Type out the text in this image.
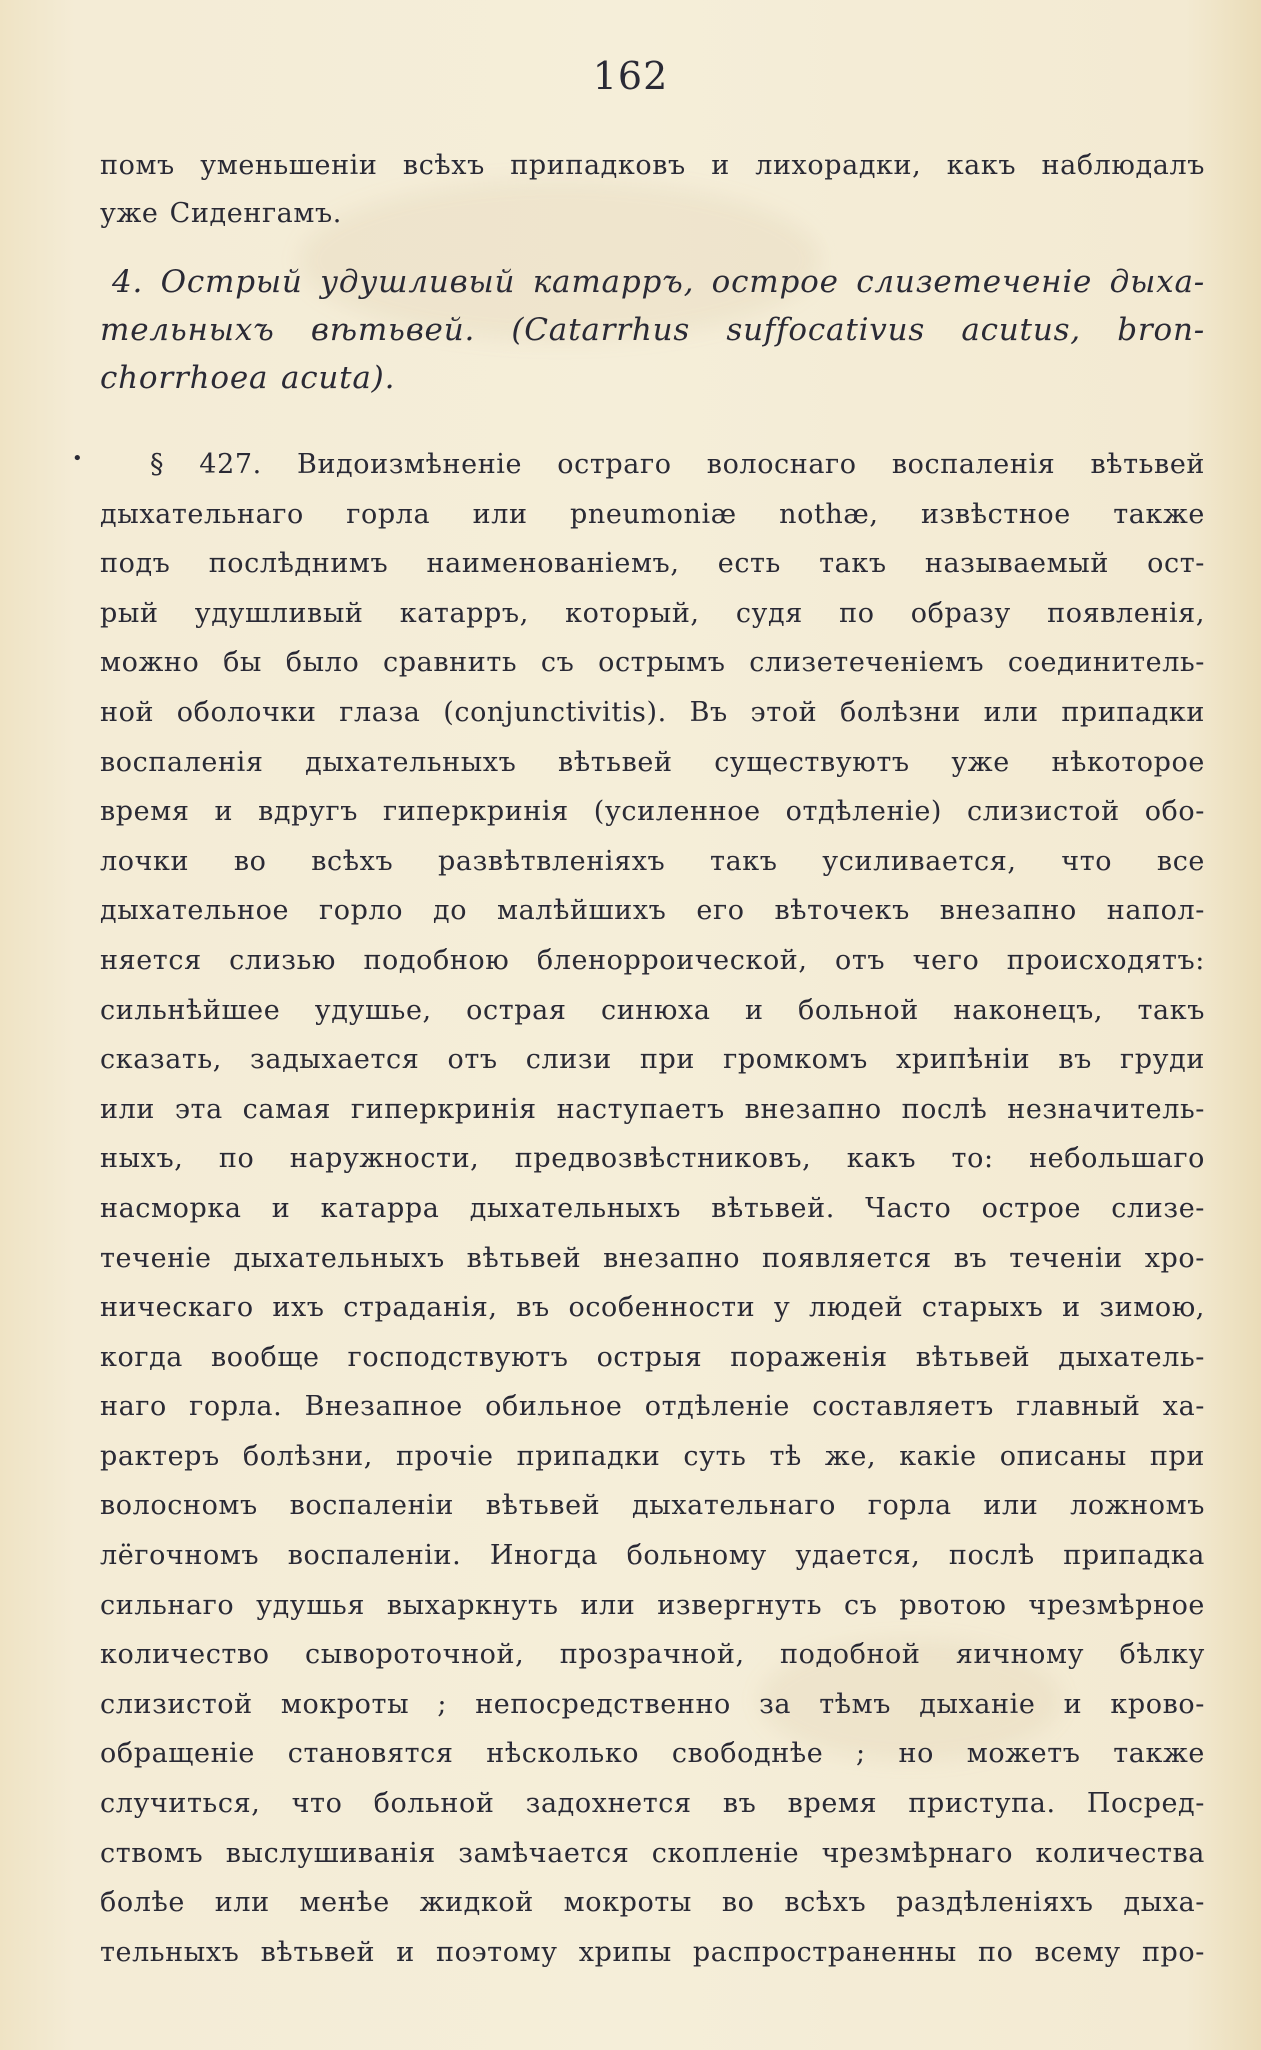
162
•
помъ уменьшеніи всѣхъ припадковъ и лихорадки, какъ наблюдалъ
уже Сиденгамъ.
4. Острый удушливый катарръ, острое слизетеченіе дыха-
тельныхъ вѣтьвей. (Catarrhus suffocativus acutus, bron-
chorrhoea acuta).
§ 427. Видоизмѣненіе остраго волоснаго воспаленія вѣтьвей
дыхательнаго горла или pneumoniæ nothæ, извѣстное также
подъ послѣднимъ наименованіемъ, есть такъ называемый ост-
рый удушливый катарръ, который, судя по образу появленія,
можно бы было сравнить съ острымъ слизетеченіемъ соединитель-
ной оболочки глаза (conjunctivitis). Въ этой болѣзни или припадки
воспаленія дыхательныхъ вѣтьвей существуютъ уже нѣкоторое
время и вдругъ гиперкринія (усиленное отдѣленіе) слизистой обо-
лочки во всѣхъ развѣтвленіяхъ такъ усиливается, что все
дыхательное горло до малѣйшихъ его вѣточекъ внезапно напол-
няется слизью подобною бленорроической, отъ чего происходятъ:
сильнѣйшее удушье, острая синюха и больной наконецъ, такъ
сказать, задыхается отъ слизи при громкомъ хрипѣніи въ груди
или эта самая гиперкринія наступаетъ внезапно послѣ незначитель-
ныхъ, по наружности, предвозвѣстниковъ, какъ то: небольшаго
насморка и катарра дыхательныхъ вѣтьвей. Часто острое слизе-
теченіе дыхательныхъ вѣтьвей внезапно появляется въ теченіи хро-
ническаго ихъ страданія, въ особенности у людей старыхъ и зимою,
когда вообще господствуютъ острыя пораженія вѣтьвей дыхатель-
наго горла. Внезапное обильное отдѣленіе составляетъ главный ха-
рактеръ болѣзни, прочіе припадки суть тѣ же, какіе описаны при
волосномъ воспаленіи вѣтьвей дыхательнаго горла или ложномъ
лёгочномъ воспаленіи. Иногда больному удается, послѣ припадка
сильнаго удушья выхаркнуть или извергнуть съ рвотою чрезмѣрное
количество сывороточной, прозрачной, подобной яичному бѣлку
слизистой мокроты ; непосредственно за тѣмъ дыханіе и крово-
обращеніе становятся нѣсколько свободнѣе ; но можетъ также
случиться, что больной задохнется въ время приступа. Посред-
ствомъ выслушиванія замѣчается скопленіе чрезмѣрнаго количества
болѣе или менѣе жидкой мокроты во всѣхъ раздѣленіяхъ дыха-
тельныхъ вѣтьвей и поэтому хрипы распространенны по всему про-
